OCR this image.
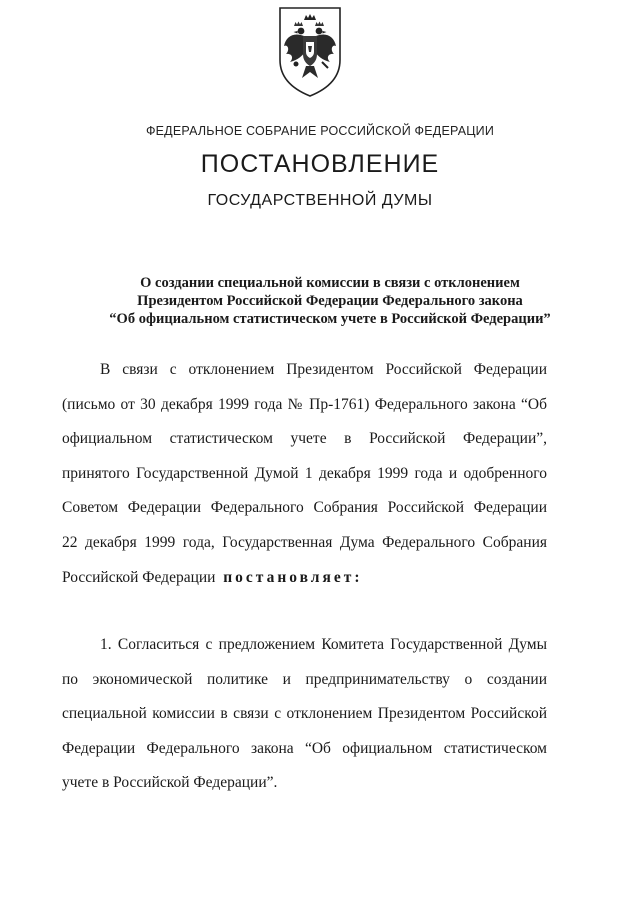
ФЕДЕРАЛЬНОЕ СОБРАНИЕ РОССИЙСКОЙ ФЕДЕРАЦИИ
ПОСТАНОВЛЕНИЕ
ГОСУДАРСТВЕННОЙ ДУМЫ
О создании специальной комиссии в связи с отклонением
Президентом Российской Федерации Федерального закона
“Об официальном статистическом учете в Российской Федерации”
В связи с отклонением Президентом Российской Федерации
(письмо от 30 декабря 1999 года № Пр-1761) Федерального закона “Об
официальном статистическом учете в Российской Федерации”,
принятого Государственной Думой 1 декабря 1999 года и одобренного
Советом Федерации Федерального Собрания Российской Федерации
22 декабря 1999 года, Государственная Дума Федерального Собрания
Российской Федерации постановляет:
1. Согласиться с предложением Комитета Государственной Думы
по экономической политике и предпринимательству о создании
специальной комиссии в связи с отклонением Президентом Российской
Федерации Федерального закона “Об официальном статистическом
учете в Российской Федерации”.
